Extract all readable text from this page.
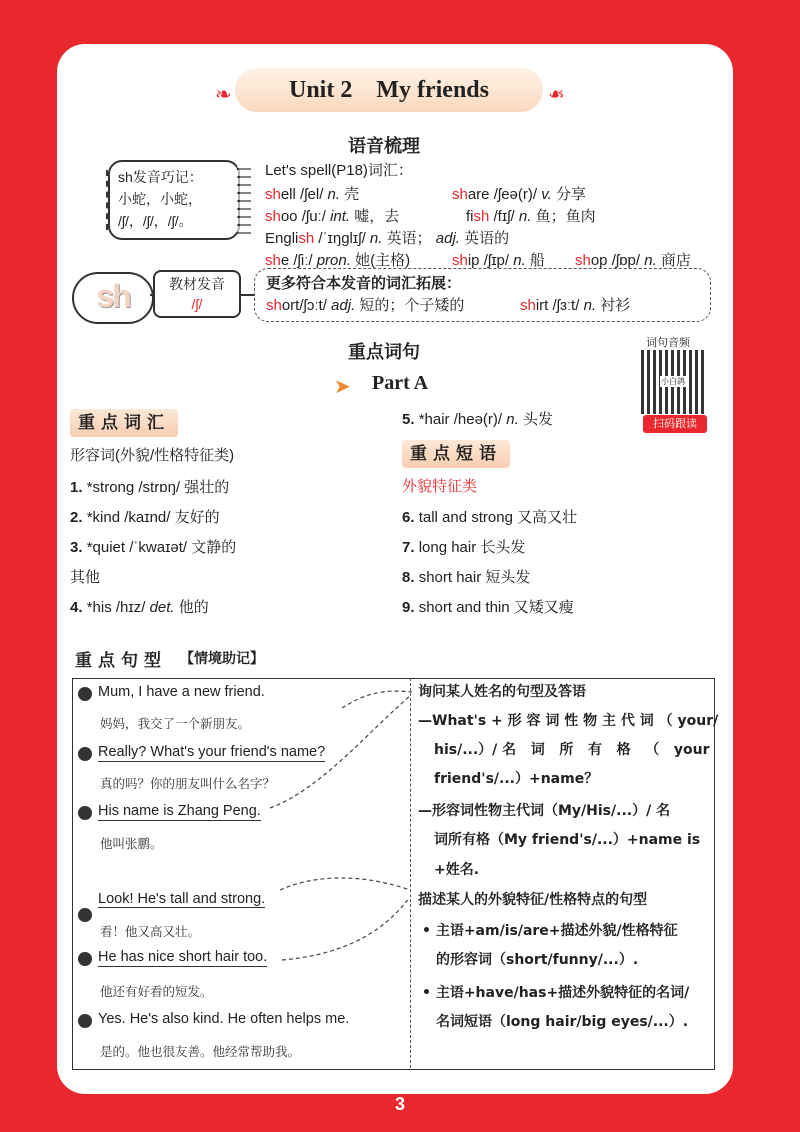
Unit 2    My friends
❧	❧
语音梳理
sh发音巧记：
小蛇，小蛇，
/ʃ/，/ʃ/，/ʃ/。
Let's spell(P18)词汇：
shell /ʃel/ n. 壳	share /ʃeə(r)/ v. 分享
shoo /ʃuː/ int. 嘘，去	fish /fɪʃ/ n. 鱼；鱼肉
English /ˈɪŋglɪʃ/ n. 英语； adj. 英语的
she /ʃiː/ pron. 她(主格)	ship /ʃɪp/ n. 船 shop /ʃɒp/ n. 商店
sh	教材发音
/ʃ/
更多符合本发音的词汇拓展：
short/ʃɔːt/ adj. 短的；个子矮的	shirt /ʃɜːt/ n. 衬衫
重点词句	词句音频
小白鸽
扫码跟读
➤ Part A
重点词汇
形容词(外貌/性格特征类)
1. *strong /strɒŋ/ 强壮的
2. *kind /kaɪnd/ 友好的
3. *quiet /ˈkwaɪət/ 文静的
其他
4. *his /hɪz/ det. 他的
5. *hair /heə(r)/ n. 头发
重点短语
外貌特征类
6. tall and strong 又高又壮
7. long hair 长头发
8. short hair 短头发
9. short and thin 又矮又瘦
重点句型 【情境助记】
Mum, I have a new friend.
妈妈，我交了一个新朋友。
Really? What's your friend's name?
真的吗？你的朋友叫什么名字？
His name is Zhang Peng.
他叫张鹏。
Look! He's tall and strong.
看！他又高又壮。
He has nice short hair too.
他还有好看的短发。
Yes. He's also kind. He often helps me.
是的。他也很友善。他经常帮助我。
询问某人姓名的句型及答语
—What's + 形 容 词 性 物 主 代 词 （ your/
his/...）/ 名   词   所   有   格   （   your
friend's/...）+name？
—形容词性物主代词（My/His/...）/ 名
词所有格（My friend's/...）+name is
+姓名.
描述某人的外貌特征/性格特点的句型
• 主语+am/is/are+描述外貌/性格特征
的形容词（short/funny/...）.
• 主语+have/has+描述外貌特征的名词/
名词短语（long hair/big eyes/...）.
3
